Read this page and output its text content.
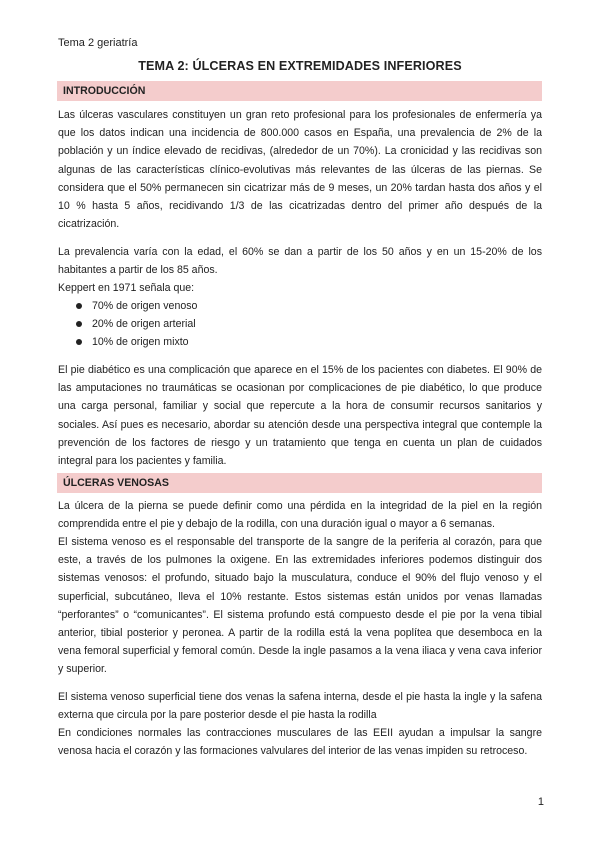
Tema 2 geriatría
TEMA 2: ÚLCERAS EN EXTREMIDADES INFERIORES
INTRODUCCIÓN

Las úlceras vasculares constituyen un gran reto profesional para los profesionales de enfermería ya que los datos indican una incidencia de 800.000 casos en España, una prevalencia de 2% de la población y un índice elevado de recidivas, (alrededor de un 70%). La cronicidad y las recidivas son algunas de las características clínico-evolutivas más relevantes de las úlceras de las piernas. Se considera que el 50% permanecen sin cicatrizar más de 9 meses, un 20% tardan hasta dos años y el 10 % hasta 5 años, recidivando 1/3 de las cicatrizadas dentro del primer año después de la cicatrización.

La prevalencia varía con la edad, el 60% se dan a partir de los 50 años y en un 15-20% de los habitantes a partir de los 85 años.

Keppert en 1971 señala que:

70% de origen venoso
20% de origen arterial
10% de origen mixto

El pie diabético es una complicación que aparece en el 15% de los pacientes con diabetes. El 90% de las amputaciones no traumáticas se ocasionan por complicaciones de pie diabético, lo que produce una carga personal, familiar y social que repercute a la hora de consumir recursos sanitarios y sociales. Así pues es necesario, abordar su atención desde una perspectiva integral que contemple la prevención de los factores de riesgo y un tratamiento que tenga en cuenta un plan de cuidados integral para los pacientes y familia.

ÚLCERAS VENOSAS

La úlcera de la pierna se puede definir como una pérdida en la integridad de la piel en la región comprendida entre el pie y debajo de la rodilla, con una duración igual o mayor a 6 semanas.

El sistema venoso es el responsable del transporte de la sangre de la periferia al corazón, para que este, a través de los pulmones la oxigene. En las extremidades inferiores podemos distinguir dos sistemas venosos: el profundo, situado bajo la musculatura, conduce el 90% del flujo venoso y el superficial, subcutáneo, lleva el 10% restante. Estos sistemas están unidos por venas llamadas “perforantes” o “comunicantes”. El sistema profundo está compuesto desde el pie por la vena tibial anterior, tibial posterior y peronea. A partir de la rodilla está la vena poplítea que desemboca en la vena femoral superficial y femoral común. Desde la ingle pasamos a la vena iliaca y vena cava inferior y superior.

El sistema venoso superficial tiene dos venas la safena interna, desde el pie hasta la ingle y la safena externa que circula por la pare posterior desde el pie hasta la rodilla

En condiciones normales las contracciones musculares de las EEII ayudan a impulsar la sangre venosa hacia el corazón y las formaciones valvulares del interior de las venas impiden su retroceso.

1
